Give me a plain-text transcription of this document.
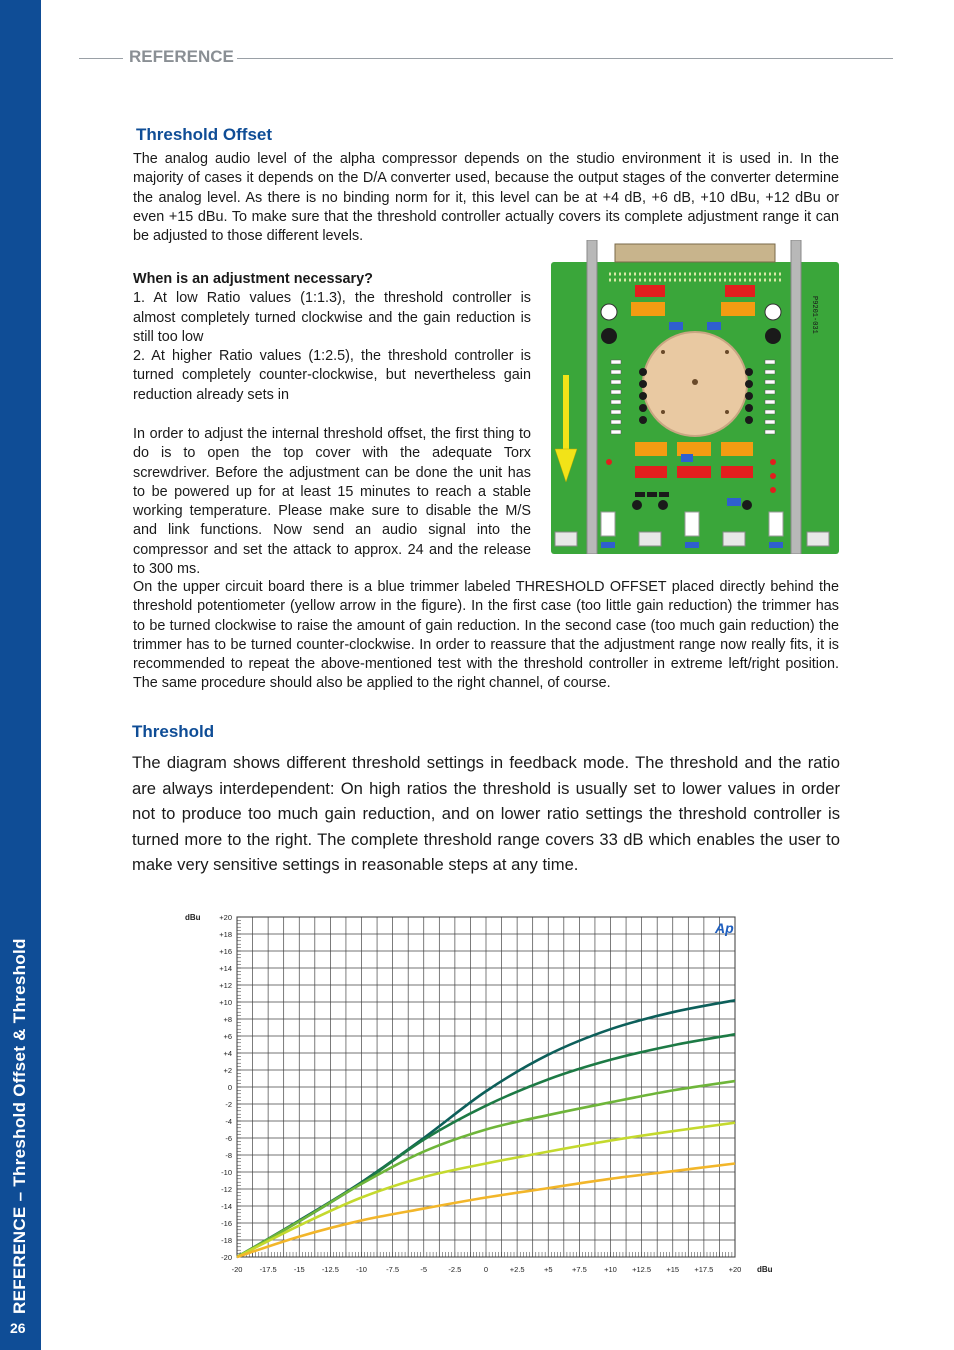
REFERENCE – Threshold Offset & Threshold
26
REFERENCE
Threshold Offset

The analog audio level of the alpha compressor depends on the studio environment it is used in. In the majority of cases it depends on the D/A converter used, because the output stages of the converter determine the analog level. As there is no binding norm for it, this level can be at +4 dB, +6 dB, +10 dBu, +12 dBu or even +15 dBu. To make sure that the threshold controller actually covers its complete adjustment range it can be adjusted to those different levels.

When is an adjustment necessary?
1. At low Ratio values (1:1.3), the threshold controller is almost completely turned clockwise and the gain reduction is still too low
2. At higher Ratio values (1:2.5), the threshold controller is turned completely counter-clockwise, but nevertheless gain reduction already sets in

In order to adjust the internal threshold offset, the first thing to do is to open the top cover with the adequate Torx screwdriver. Before the adjustment can be done the unit has to be powered up for at least 15 minutes to reach a stable working temperature. Please make sure to disable the M/S and link functions. Now send an audio signal into the compressor and set the attack to approx. 24 and the release to 300 ms.

P9201-031

On the upper circuit board there is a blue trimmer labeled THRESHOLD OFFSET placed directly behind the threshold potentiometer (yellow arrow in the figure). In the first case (too little gain reduction) the trimmer has to be turned clockwise to raise the amount of gain reduction. In the second case (too much gain reduction) the trimmer has to be turned counter-clockwise. In order to reassure that the adjustment range now really fits, it is recommended to repeat the above-mentioned test with the threshold controller in extreme left/right position. The same procedure should also be applied to the right channel, of course.

Threshold

The diagram shows different threshold settings in feedback mode. The threshold and the ratio are always interdependent: On high ratios the threshold is usually set to lower values in order not to produce too much gain reduction, and on lower ratio settings the threshold controller is turned more to the right. The complete threshold range covers 33 dB which enables the user to make very sensitive settings in reasonable steps at any time.

-20 -17.5 -15 -12.5 -10	-7.5	-5	-2.5	0	+2.5	+5	+7.5 +10 +12.5 +15 +17.5 +20
+20
+18
+16
+14
+12
+10
+8
+6
+4
+2
0
-2
-4
-6
-8
-10
-12
-14
-16
-18
-20
dBu
dBu
Ap
